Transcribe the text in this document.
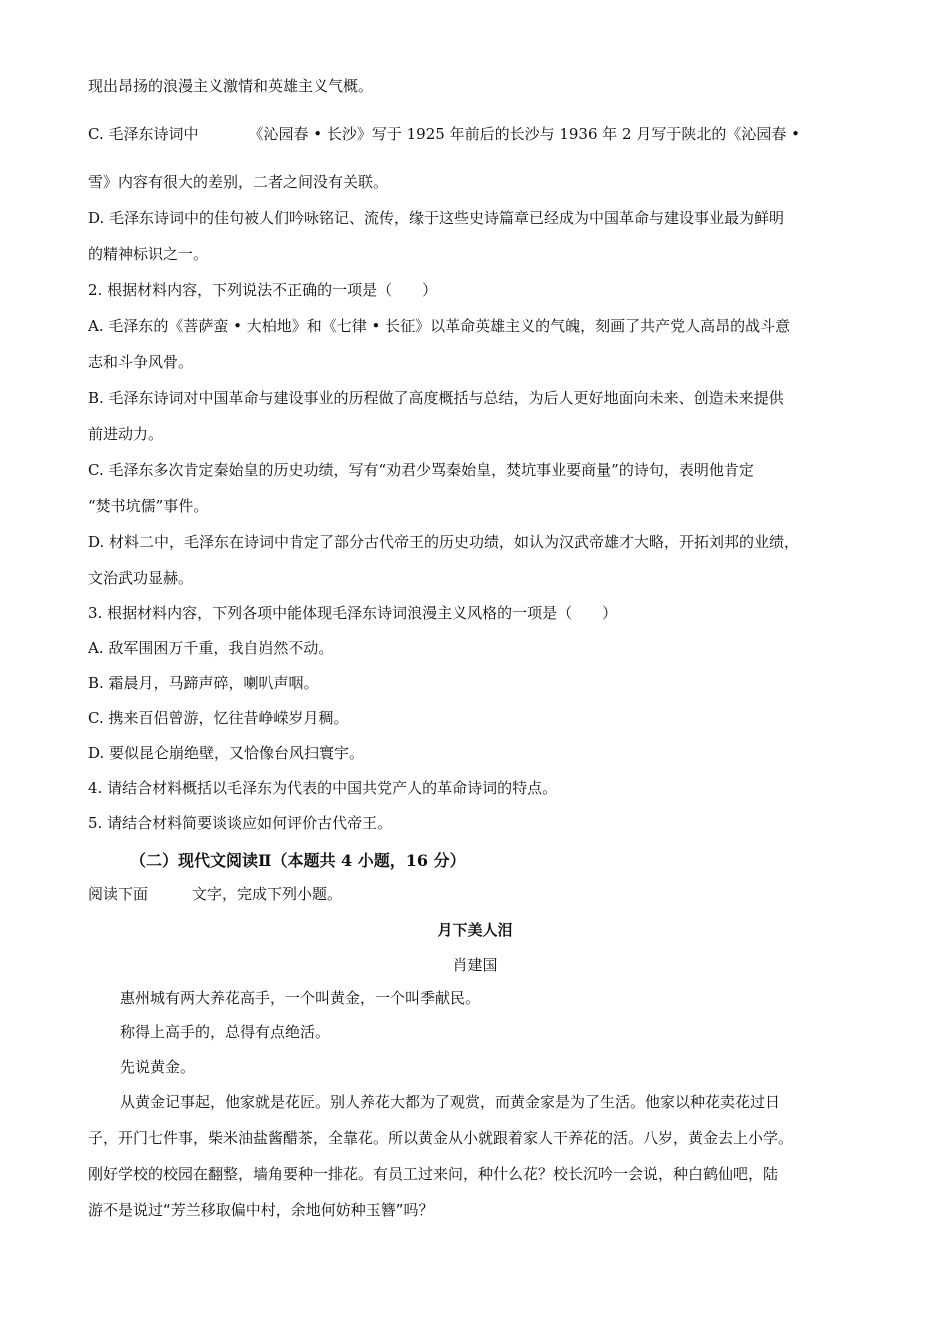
现出昂扬的浪漫主义激情和英雄主义气概。
C. 毛泽东诗词中	《沁园春 • 长沙》写于 1925 年前后的长沙与 1936 年 2 月写于陕北的《沁园春 •
雪》内容有很大的差别，二者之间没有关联。
D. 毛泽东诗词中的佳句被人们吟咏铭记、流传，缘于这些史诗篇章已经成为中国革命与建设事业最为鲜明
的精神标识之一。
2. 根据材料内容，下列说法不正确的一项是（　　）
A. 毛泽东的《菩萨蛮 • 大柏地》和《七律 • 长征》以革命英雄主义的气魄，刻画了共产党人高昂的战斗意
志和斗争风骨。
B. 毛泽东诗词对中国革命与建设事业的历程做了高度概括与总结，为后人更好地面向未来、创造未来提供
前进动力。
C. 毛泽东多次肯定秦始皇的历史功绩，写有“劝君少骂秦始皇，焚坑事业要商量”的诗句，表明他肯定
“焚书坑儒”事件。
D. 材料二中，毛泽东在诗词中肯定了部分古代帝王的历史功绩，如认为汉武帝雄才大略，开拓刘邦的业绩，
文治武功显赫。
3. 根据材料内容，下列各项中能体现毛泽东诗词浪漫主义风格的一项是（　　）
A. 敌军围困万千重，我自岿然不动。
B. 霜晨月，马蹄声碎，喇叭声咽。
C. 携来百侣曾游，忆往昔峥嵘岁月稠。
D. 要似昆仑崩绝壁，又恰像台风扫寰宇。
4. 请结合材料概括以毛泽东为代表的中国共党产人的革命诗词的特点。
5. 请结合材料简要谈谈应如何评价古代帝王。
（二）现代文阅读Ⅱ（本题共 4 小题，16 分）
阅读下面	文字，完成下列小题。
月下美人泪
肖建国
惠州城有两大养花高手，一个叫黄金，一个叫季献民。
称得上高手的，总得有点绝活。
先说黄金。
从黄金记事起，他家就是花匠。别人养花大都为了观赏，而黄金家是为了生活。他家以种花卖花过日
子，开门七件事，柴米油盐酱醋茶，全靠花。所以黄金从小就跟着家人干养花的活。八岁，黄金去上小学。
刚好学校的校园在翻整，墙角要种一排花。有员工过来问，种什么花？校长沉吟一会说，种白鹤仙吧，陆
游不是说过“芳兰移取偏中村，余地何妨种玉簪”吗？
